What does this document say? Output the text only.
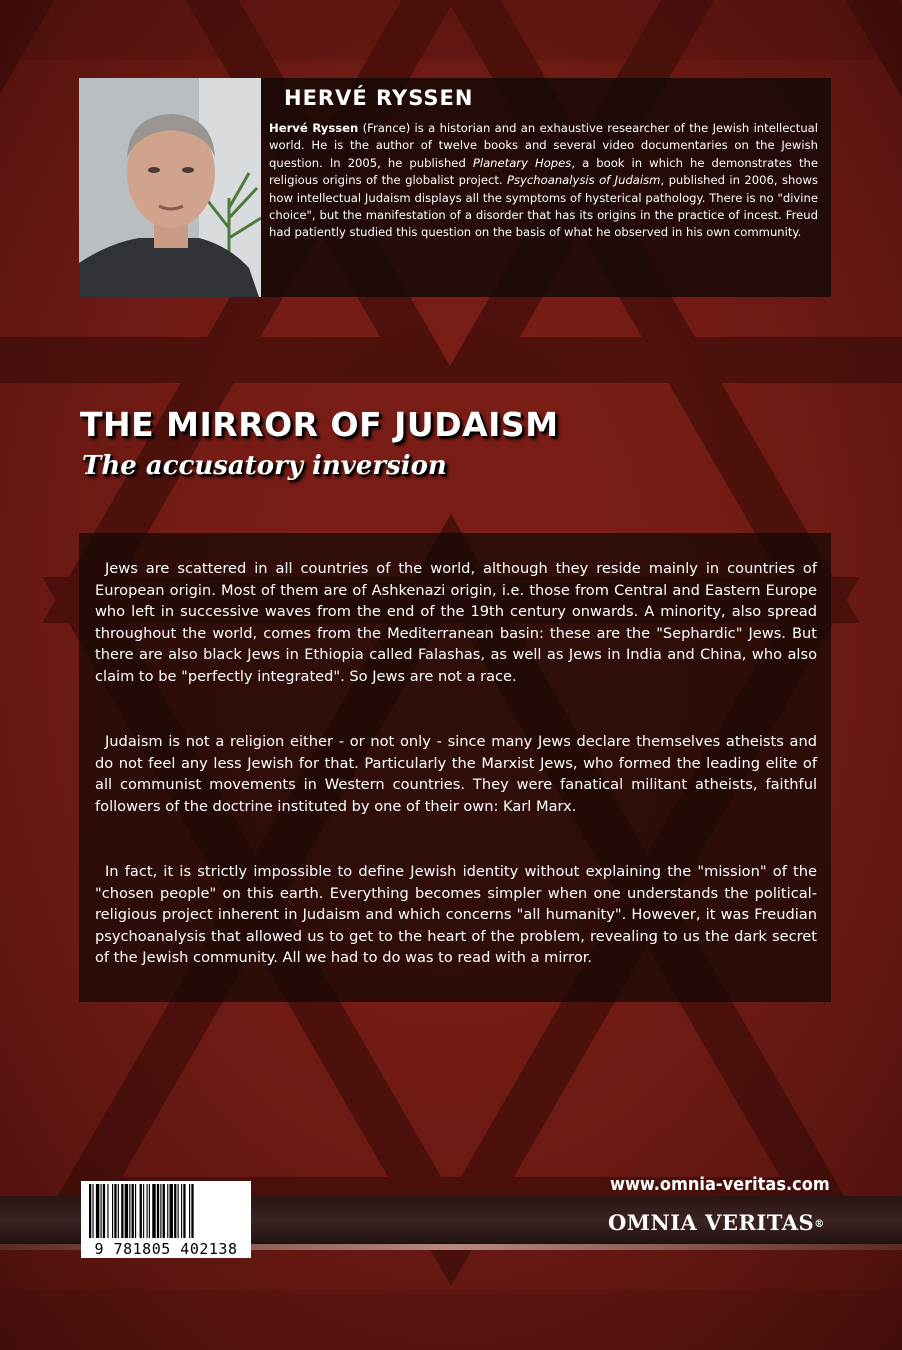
HERVÉ RYSSEN

Hervé Ryssen (France) is a historian and an exhaustive researcher of the Jewish intellectual world. He is the author of twelve books and several video documentaries on the Jewish question. In 2005, he published Planetary Hopes, a book in which he demonstrates the religious origins of the globalist project. Psychoanalysis of Judaism, published in 2006, shows how intellectual Judaism displays all the symptoms of hysterical pathology. There is no "divine choice", but the manifestation of a disorder that has its origins in the practice of incest. Freud had patiently studied this question on the basis of what he observed in his own community.

THE MIRROR OF JUDAISM
The accusatory inversion

Jews are scattered in all countries of the world, although they reside mainly in countries of European origin. Most of them are of Ashkenazi origin, i.e. those from Central and Eastern Europe who left in successive waves from the end of the 19th century onwards. A minority, also spread throughout the world, comes from the Mediterranean basin: these are the "Sephardic" Jews. But there are also black Jews in Ethiopia called Falashas, as well as Jews in India and China, who also claim to be "perfectly integrated". So Jews are not a race.

Judaism is not a religion either - or not only - since many Jews declare themselves atheists and do not feel any less Jewish for that. Particularly the Marxist Jews, who formed the leading elite of all communist movements in Western countries. They were fanatical militant atheists, faithful followers of the doctrine instituted by one of their own: Karl Marx.

In fact, it is strictly impossible to define Jewish identity without explaining the "mission" of the "chosen people" on this earth. Everything becomes simpler when one understands the political-religious project inherent in Judaism and which concerns "all humanity". However, it was Freudian psychoanalysis that allowed us to get to the heart of the problem, revealing to us the dark secret of the Jewish community. All we had to do was to read with a mirror.

www.omnia-veritas.com
OMNIA VERITAS®
9 781805 402138
